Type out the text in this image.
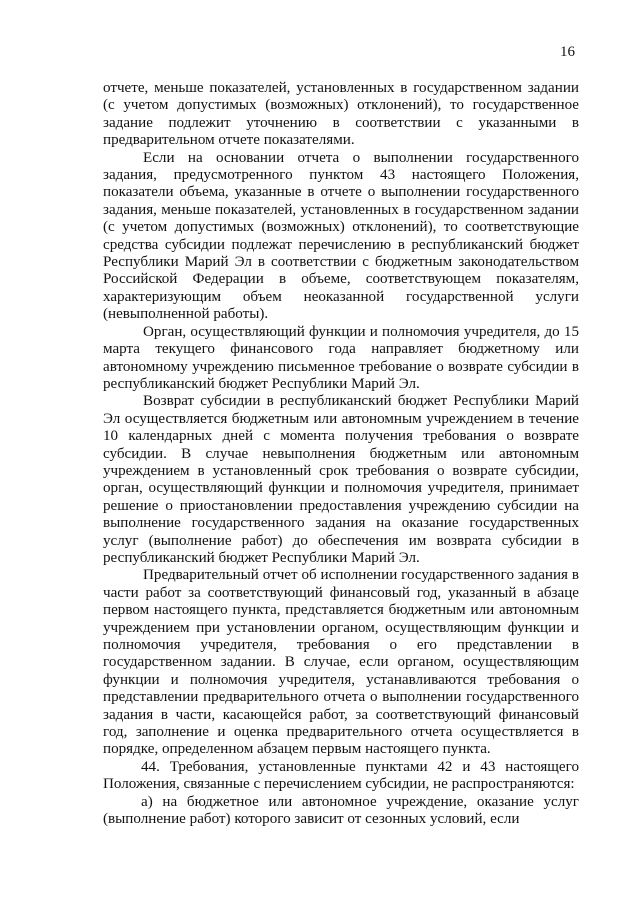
16

отчете, меньше показателей, установленных в государственном задании (с учетом допустимых (возможных) отклонений), то государственное задание подлежит уточнению в соответствии с указанными в предварительном отчете показателями.

Если на основании отчета о выполнении государственного задания, предусмотренного пунктом 43 настоящего Положения, показатели объема, указанные в отчете о выполнении государственного задания, меньше показателей, установленных в государственном задании (с учетом допустимых (возможных) отклонений), то соответствующие средства субсидии подлежат перечислению в республиканский бюджет Республики Марий Эл в соответствии с бюджетным законодательством Российской Федерации в объеме, соответствующем показателям, характеризующим объем неоказанной государственной услуги (невыполненной работы).

Орган, осуществляющий функции и полномочия учредителя, до 15 марта текущего финансового года направляет бюджетному или автономному учреждению письменное требование о возврате субсидии в республиканский бюджет Республики Марий Эл.

Возврат субсидии в республиканский бюджет Республики Марий Эл осуществляется бюджетным или автономным учреждением в течение 10 календарных дней с момента получения требования о возврате субсидии. В случае невыполнения бюджетным или автономным учреждением в установленный срок требования о возврате субсидии, орган, осуществляющий функции и полномочия учредителя, принимает решение о приостановлении предоставления учреждению субсидии на выполнение государственного задания на оказание государственных услуг (выполнение работ) до обеспечения им возврата субсидии в республиканский бюджет Республики Марий Эл.

Предварительный отчет об исполнении государственного задания в части работ за соответствующий финансовый год, указанный в абзаце первом настоящего пункта, представляется бюджетным или автономным учреждением при установлении органом, осуществляющим функции и полномочия учредителя, требования о его представлении в государственном задании. В случае, если органом, осуществляющим функции и полномочия учредителя, устанавливаются требования о представлении предварительного отчета о выполнении государственного задания в части, касающейся работ, за соответствующий финансовый год, заполнение и оценка предварительного отчета осуществляется в порядке, определенном абзацем первым настоящего пункта.

44. Требования, установленные пунктами 42 и 43 настоящего Положения, связанные с перечислением субсидии, не распространяются:

а) на бюджетное или автономное учреждение, оказание услуг (выполнение работ) которого зависит от сезонных условий, если
